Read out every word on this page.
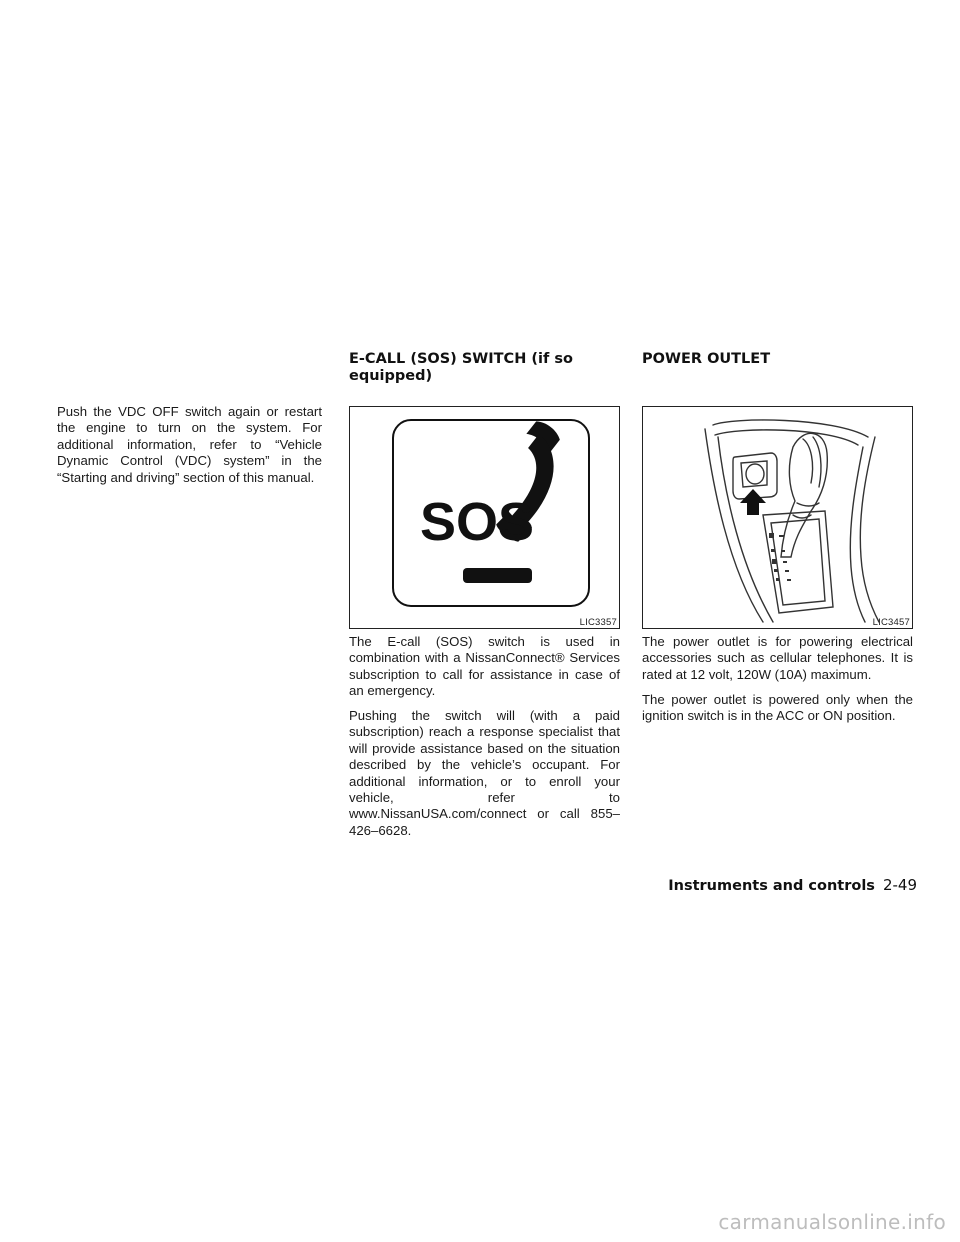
Push the VDC OFF switch again or restart the engine to turn on the system. For additional information, refer to “Vehicle Dynamic Control (VDC) system” in the “Starting and driving” section of this manual.

E-CALL (SOS) SWITCH (if so

equipped)

POWER OUTLET

SOS
LIC3357	LIC3457

The E-call (SOS) switch is used in combination with a NissanConnect® Services subscription to call for assistance in case of an emergency.

Pushing the switch will (with a paid subscription) reach a response specialist that will provide assistance based on the situation described by the vehicle’s occupant. For additional information, or to enroll your vehicle, refer to www.NissanUSA.com/connect or call 855–426–6628.

The power outlet is for powering electrical accessories such as cellular telephones. It is rated at 12 volt, 120W (10A) maximum.

The power outlet is powered only when the ignition switch is in the ACC or ON position.

Instruments and controls 2-49
carmanualsonline.info
